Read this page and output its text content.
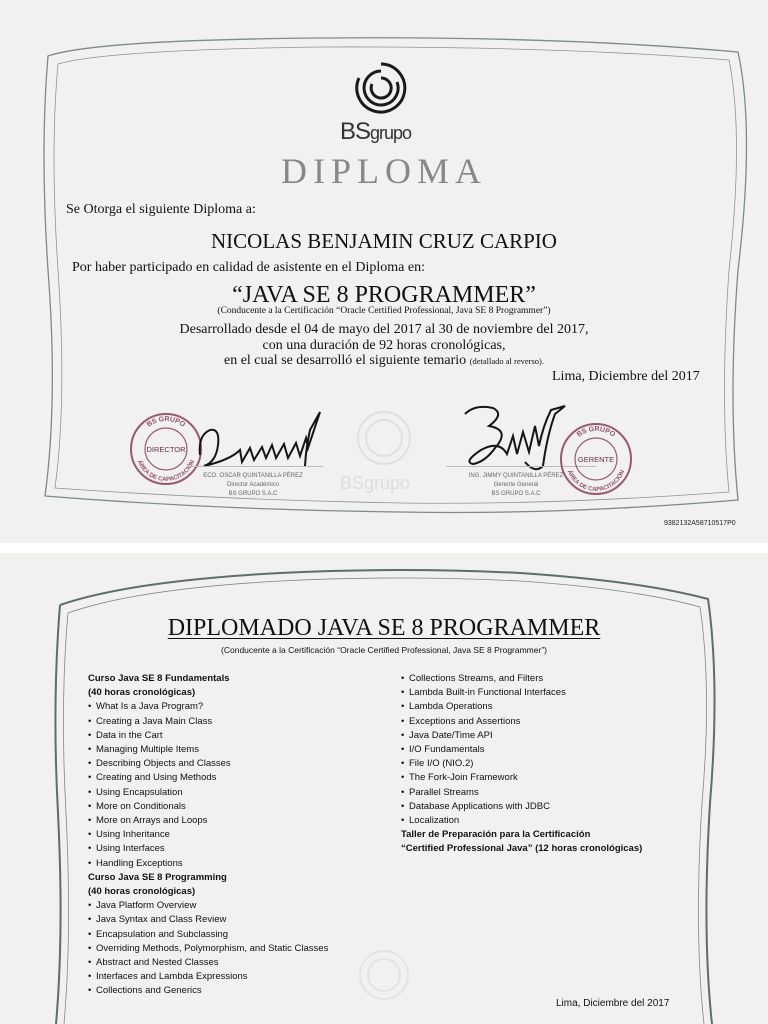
BSgrupo
DIPLOMA
Se Otorga el siguiente Diploma a:
NICOLAS BENJAMIN CRUZ CARPIO
Por haber participado en calidad de asistente en el Diploma en:
“JAVA SE 8 PROGRAMMER”
(Conducente a la Certificación “Oracle Certified Professional, Java SE 8 Programmer”)
Desarrollado desde el 04 de mayo del 2017 al 30 de noviembre del 2017,
con una duración de 92 horas cronológicas,
en el cual se desarrolló el siguiente temario (detallado al reverso).
Lima, Diciembre del 2017
BSgrupo
BS GRUPO
ÁREA DE CAPACITACIÓN
DIRECTOR
ECO. OSCAR QUINTANILLA PÉREZ
Director Académico
BS GRUPO S.A.C
ING. JIMMY QUINTANILLA PÉREZ
Gerente General
BS GRUPO S.A.C
BS GRUPO
ÁREA DE CAPACITACIÓN
GERENTE
9382132A58710517P0
DIPLOMADO JAVA SE 8 PROGRAMMER
(Conducente a la Certificación “Oracle Certified Professional, Java SE 8 Programmer”)
Curso Java SE 8 Fundamentals
(40 horas cronológicas)
• What Is a Java Program?
• Creating a Java Main Class
• Data in the Cart
• Managing Multiple Items
• Describing Objects and Classes
• Creating and Using Methods
• Using Encapsulation
• More on Conditionals
• More on Arrays and Loops
• Using Inheritance
• Using Interfaces
• Handling Exceptions
Curso Java SE 8 Programming
(40 horas cronológicas)
• Java Platform Overview
• Java Syntax and Class Review
• Encapsulation and Subclassing
• Overriding Methods, Polymorphism, and Static Classes
• Abstract and Nested Classes
• Interfaces and Lambda Expressions
• Collections and Generics
• Collections Streams, and Filters
• Lambda Built-in Functional Interfaces
• Lambda Operations
• Exceptions and Assertions
• Java Date/Time API
• I/O Fundamentals
• File I/O (NIO.2)
• The Fork-Join Framework
• Parallel Streams
• Database Applications with JDBC
• Localization
Taller de Preparación para la Certificación
“Certified Professional Java” (12 horas cronológicas)
Lima, Diciembre del 2017
